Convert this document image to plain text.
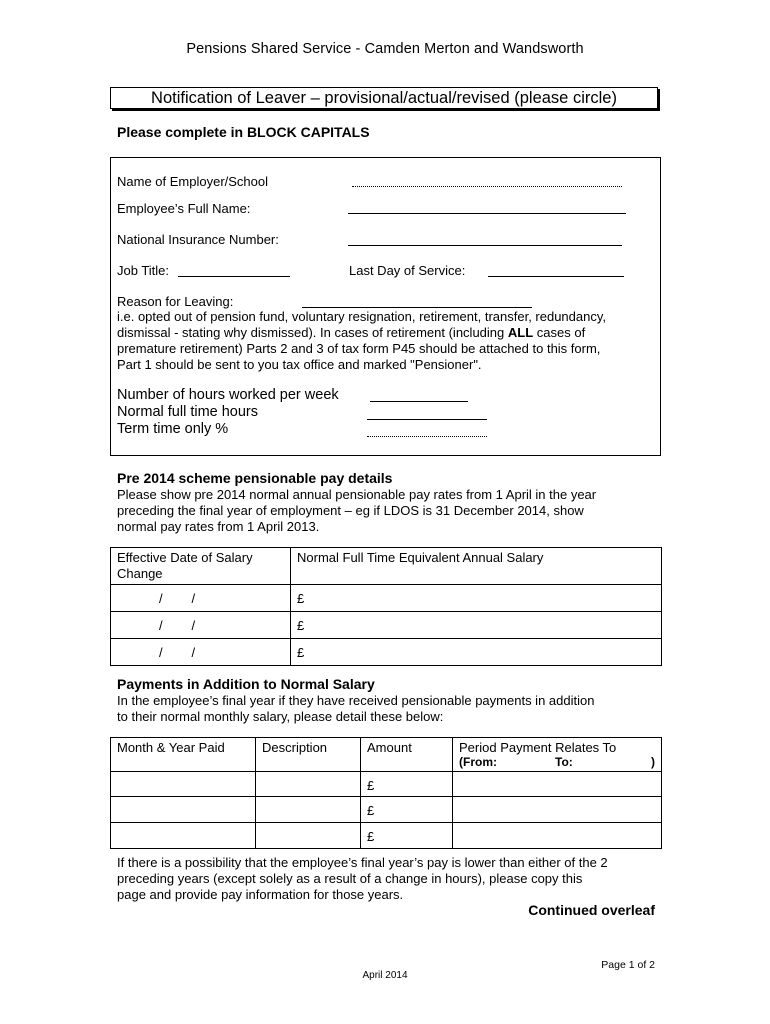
Pensions Shared Service - Camden Merton and Wandsworth
Notification of Leaver – provisional/actual/revised (please circle)
Please complete in BLOCK CAPITALS
Name of Employer/School
Employee’s Full Name:
National Insurance Number:
Job Title:	Last Day of Service:
Reason for Leaving:
i.e. opted out of pension fund, voluntary resignation, retirement, transfer, redundancy,
dismissal - stating why dismissed). In cases of retirement (including ALL cases of
premature retirement) Parts 2 and 3 of tax form P45 should be attached to this form,
Part 1 should be sent to you tax office and marked "Pensioner".
Number of hours worked per week
Normal full time hours
Term time only %
Pre 2014 scheme pensionable pay details
Please show pre 2014 normal annual pensionable pay rates from 1 April in the year
preceding the final year of employment – eg if LDOS is 31 December 2014, show
normal pay rates from 1 April 2013.
Effective Date of Salary Change	Normal Full Time Equivalent Annual Salary
/        /	£
/        /	£
/        /	£
Payments in Addition to Normal Salary
In the employee’s final year if they have received pensionable payments in addition
to their normal monthly salary, please detail these below:
Month & Year Paid	Description	Amount	Period Payment Relates To
(From: To: )

		£	
		£	
		£	
If there is a possibility that the employee’s final year’s pay is lower than either of the 2
preceding years (except solely as a result of a change in hours), please copy this
page and provide pay information for those years.
Continued overleaf
Page 1 of 2
April 2014
